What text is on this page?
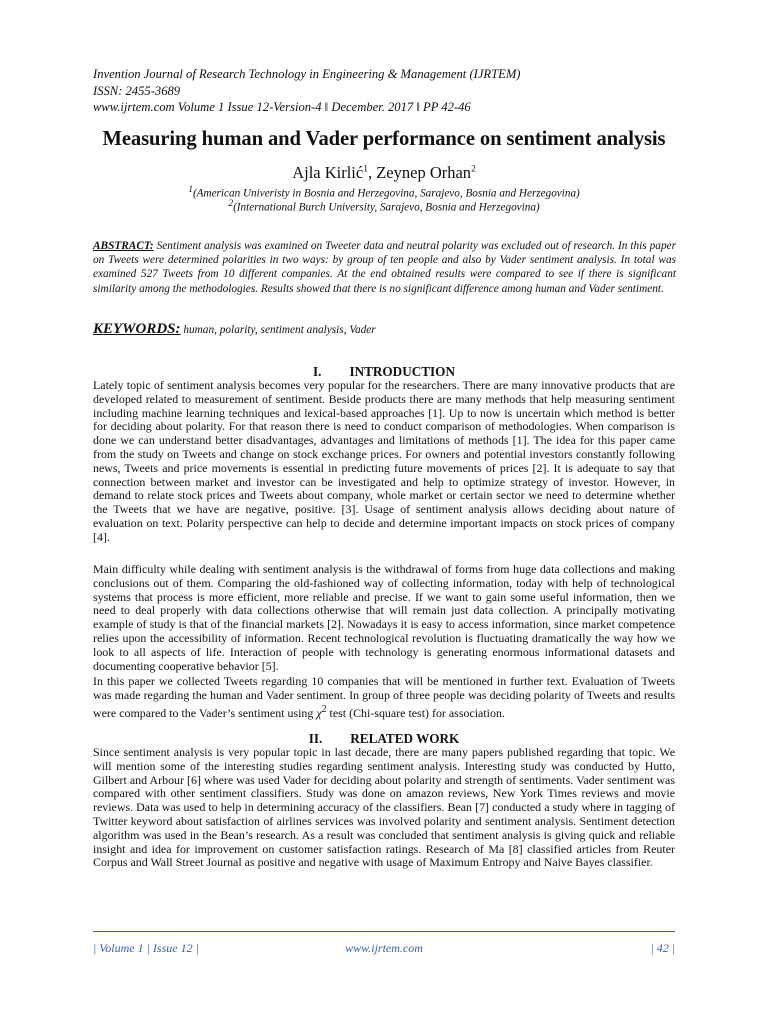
Invention Journal of Research Technology in Engineering & Management (IJRTEM)
ISSN: 2455-3689
www.ijrtem.com Volume 1 Issue 12-Version-4 ǁ December. 2017 ǁ PP 42-46
Measuring human and Vader performance on sentiment analysis
Ajla Kirlić$^1$, Zeynep Orhan$^2$
$^1$(American Univeristy in Bosnia and Herzegovina, Sarajevo, Bosnia and Herzegovina)
$^2$(International Burch University, Sarajevo, Bosnia and Herzegovina)
ABSTRACT: Sentiment analysis was examined on Tweeter data and neutral polarity was excluded out of research. In this paper on Tweets were determined polarities in two ways: by group of ten people and also by Vader sentiment analysis. In total was examined 527 Tweets from 10 different companies. At the end obtained results were compared to see if there is significant similarity among the methodologies. Results showed that there is no significant difference among human and Vader sentiment.
KEYWORDS: human, polarity, sentiment analysis, Vader
I. INTRODUCTION
Lately topic of sentiment analysis becomes very popular for the researchers. There are many innovative products that are developed related to measurement of sentiment. Beside products there are many methods that help measuring sentiment including machine learning techniques and lexical-based approaches [1]. Up to now is uncertain which method is better for deciding about polarity. For that reason there is need to conduct comparison of methodologies. When comparison is done we can understand better disadvantages, advantages and limitations of methods [1]. The idea for this paper came from the study on Tweets and change on stock exchange prices. For owners and potential investors constantly following news, Tweets and price movements is essential in predicting future movements of prices [2]. It is adequate to say that connection between market and investor can be investigated and help to optimize strategy of investor. However, in demand to relate stock prices and Tweets about company, whole market or certain sector we need to determine whether the Tweets that we have are negative, positive. [3]. Usage of sentiment analysis allows deciding about nature of evaluation on text. Polarity perspective can help to decide and determine important impacts on stock prices of company [4].
Main difficulty while dealing with sentiment analysis is the withdrawal of forms from huge data collections and making conclusions out of them. Comparing the old-fashioned way of collecting information, today with help of technological systems that process is more efficient, more reliable and precise. If we want to gain some useful information, then we need to deal properly with data collections otherwise that will remain just data collection. A principally motivating example of study is that of the financial markets [2]. Nowadays it is easy to access information, since market competence relies upon the accessibility of information. Recent technological revolution is fluctuating dramatically the way how we look to all aspects of life. Interaction of people with technology is generating enormous informational datasets and documenting cooperative behavior [5].
In this paper we collected Tweets regarding 10 companies that will be mentioned in further text. Evaluation of Tweets was made regarding the human and Vader sentiment. In group of three people was deciding polarity of Tweets and results were compared to the Vader’s sentiment using $\chi^2$ test (Chi-square test) for association.
II. RELATED WORK
Since sentiment analysis is very popular topic in last decade, there are many papers published regarding that topic. We will mention some of the interesting studies regarding sentiment analysis. Interesting study was conducted by Hutto, Gilbert and Arbour [6] where was used Vader for deciding about polarity and strength of sentiments. Vader sentiment was compared with other sentiment classifiers. Study was done on amazon reviews, New York Times reviews and movie reviews. Data was used to help in determining accuracy of the classifiers. Bean [7] conducted a study where in tagging of Twitter keyword about satisfaction of airlines services was involved polarity and sentiment analysis. Sentiment detection algorithm was used in the Bean’s research. As a result was concluded that sentiment analysis is giving quick and reliable insight and idea for improvement on customer satisfaction ratings. Research of Ma [8] classified articles from Reuter Corpus and Wall Street Journal as positive and negative with usage of Maximum Entropy and Naive Bayes classifier.
| Volume 1 | Issue 12 |	www.ijrtem.com	| 42 |
